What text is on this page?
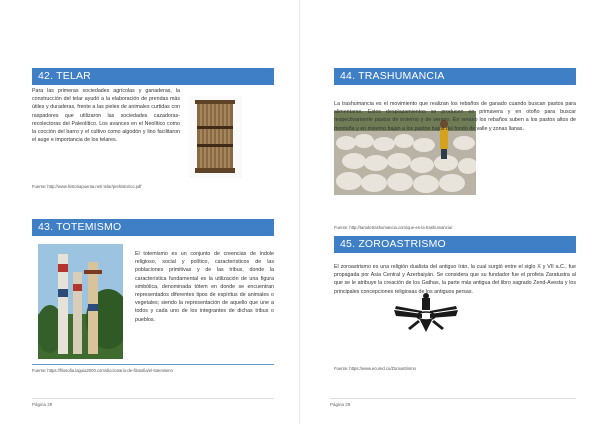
42. TELAR
Para las primeras sociedades agrícolas y ganaderas, la construcción del telar ayudó a la elaboración de prendas más útiles y duraderas, frente a las pieles de animales curtidas con raspadores que utilizaron las sociedades cazadoras- recolectoras del Paleolítico. Los avances en el Neolítico como la cocción del barro y el cultivo como algodón y lino facilitaron el auge e importancia de los telares.
Fuente: http://www.historiapuenta.net/ telar/prehistorico.pdf
43. TOTEMISMO
El totemismo es un conjunto de creencias de índole religioso, social y político, característicos de las poblaciones primitivas y de las tribus, donde la característica fundamental es la utilización de una figura simbólica, denominada tótem en donde se encuentran representados diferentes tipos de espíritus de animales o vegetales; siendo la representación de aquello que une a todos y cada uno de los integrantes de dichas tribus o pueblos.
Fuente: https://filosofia.laguia2000.com/diccionario-de-filosofia/el-totemismo
Página 28
44. TRASHUMANCIA
La trashumancia es el movimiento que realizan los rebaños de ganado cuando buscan pastos para alimentarse. Estos desplazamientos se producen en primavera y en otoño para buscar respectivamente pastos de invierno y de verano. En verano los rebaños suben a los pastos altos de montaña y en invierno bajan a los pastos bajos del fondo de valle y zonas llanas.
Fuente: http://tarodetrashumancia.com/que-es-la-trashumancia/
45. ZOROASTRISMO
El zoroastrismo es una religión dualista del antiguo Irán, la cual surgió entre el siglo X y VII a.C., fue propagada por Asia Central y Azerbaiyán. Se considera que su fundador fue el profeta Zaratustra al que se le atribuye la creación de los Gathas, la parte más antigua del libro sagrado Zend-Avesta y los principales concepciones religiosas de los antiguos persas.
Fuente: https://www.ecured.cu/Zoroastrismo
Página 29
